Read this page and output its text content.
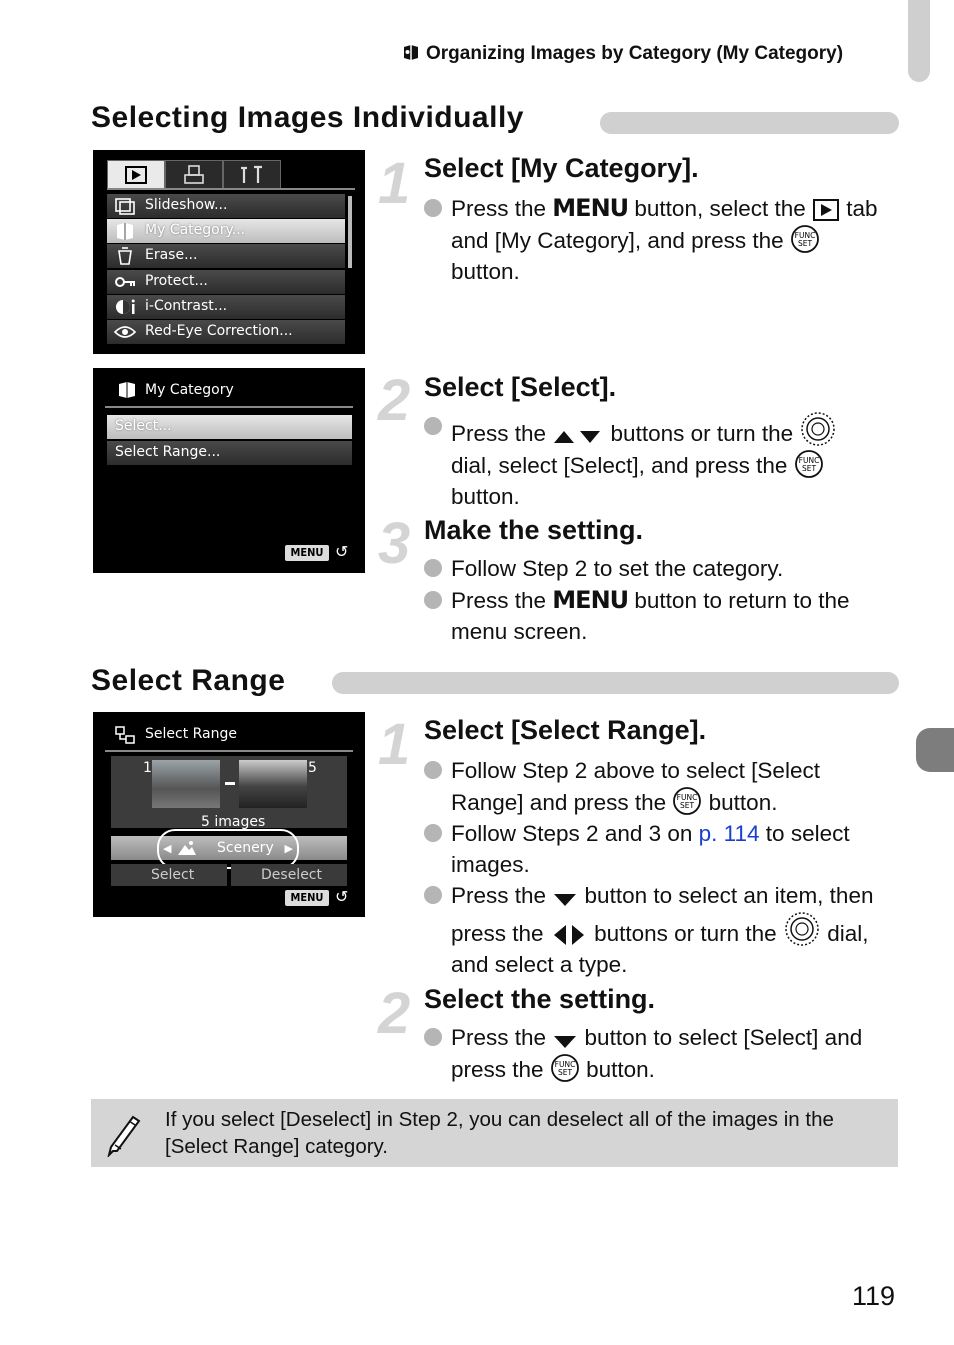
Organizing Images by Category (My Category)
Selecting Images Individually
Slideshow...
My Category...
Erase...
Protect...
i-Contrast...
Red-Eye Correction...
My Category
Select...
Select Range...
MENU ↺
1 Select [My Category].
Press the MENU button, select the  tab
and [My Category], and press the FUNC
SET
button.
2 Select [Select].
Press the  buttons or turn the
dial, select [Select], and press the FUNC
SET
button.
3 Make the setting.
Follow Step 2 to set the category.
Press the MENU button to return to the
menu screen.
Select Range
Select Range
1	5
5 images
◀	▶
Scenery
Select	Deselect
MENU ↺
1 Select [Select Range].
Follow Step 2 above to select [Select
Range] and press the FUNC
SET button.
Follow Steps 2 and 3 on p. 114 to select
images.
Press the  button to select an item, then
press the  buttons or turn the  dial,
and select a type.
2 Select the setting.
Press the  button to select [Select] and
press the FUNC
SET button.
If you select [Deselect] in Step 2, you can deselect all of the images in the
[Select Range] category.
119
